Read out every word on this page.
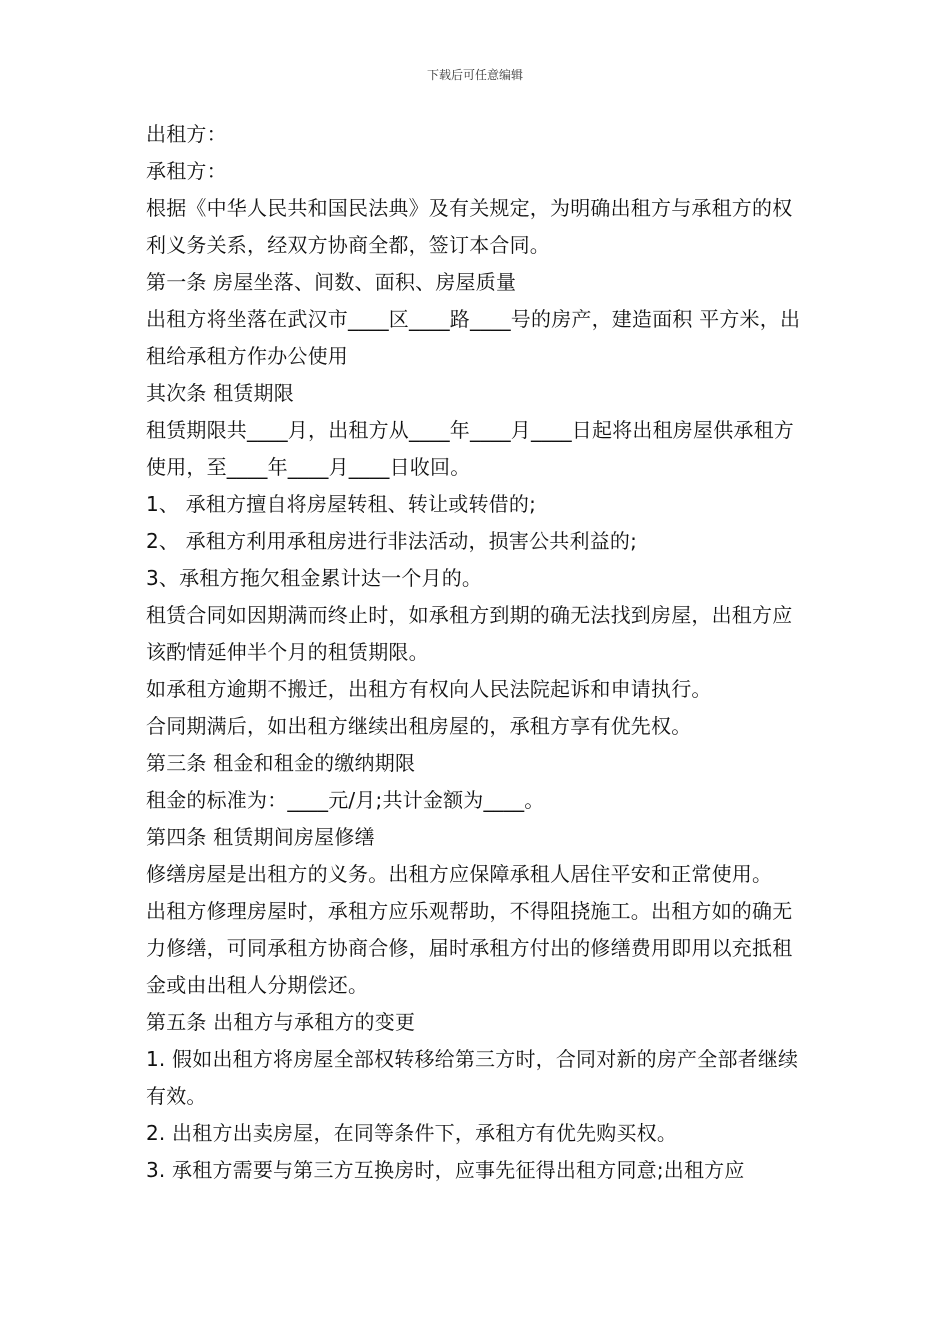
下载后可任意编辑

出租方：

承租方：

根据《中华人民共和国民法典》及有关规定，为明确出租方与承租方的权利义务关系，经双方协商全都，签订本合同。

第一条 房屋坐落、间数、面积、房屋质量

出租方将坐落在武汉市____区____路____号的房产，建造面积 平方米，出租给承租方作办公使用

其次条 租赁期限

租赁期限共____月，出租方从____年____月____日起将出租房屋供承租方使用，至____年____月____日收回。

1、 承租方擅自将房屋转租、转让或转借的;

2、 承租方利用承租房进行非法活动，损害公共利益的;

3、承租方拖欠租金累计达一个月的。

租赁合同如因期满而终止时，如承租方到期的确无法找到房屋，出租方应该酌情延伸半个月的租赁期限。

如承租方逾期不搬迁，出租方有权向人民法院起诉和申请执行。

合同期满后，如出租方继续出租房屋的，承租方享有优先权。

第三条 租金和租金的缴纳期限

租金的标准为：____元/月;共计金额为____。

第四条 租赁期间房屋修缮

修缮房屋是出租方的义务。出租方应保障承租人居住平安和正常使用。

出租方修理房屋时，承租方应乐观帮助，不得阻挠施工。出租方如的确无力修缮，可同承租方协商合修，届时承租方付出的修缮费用即用以充抵租金或由出租人分期偿还。

第五条 出租方与承租方的变更

1. 假如出租方将房屋全部权转移给第三方时，合同对新的房产全部者继续有效。

2. 出租方出卖房屋，在同等条件下，承租方有优先购买权。

3. 承租方需要与第三方互换房时，应事先征得出租方同意;出租方应
